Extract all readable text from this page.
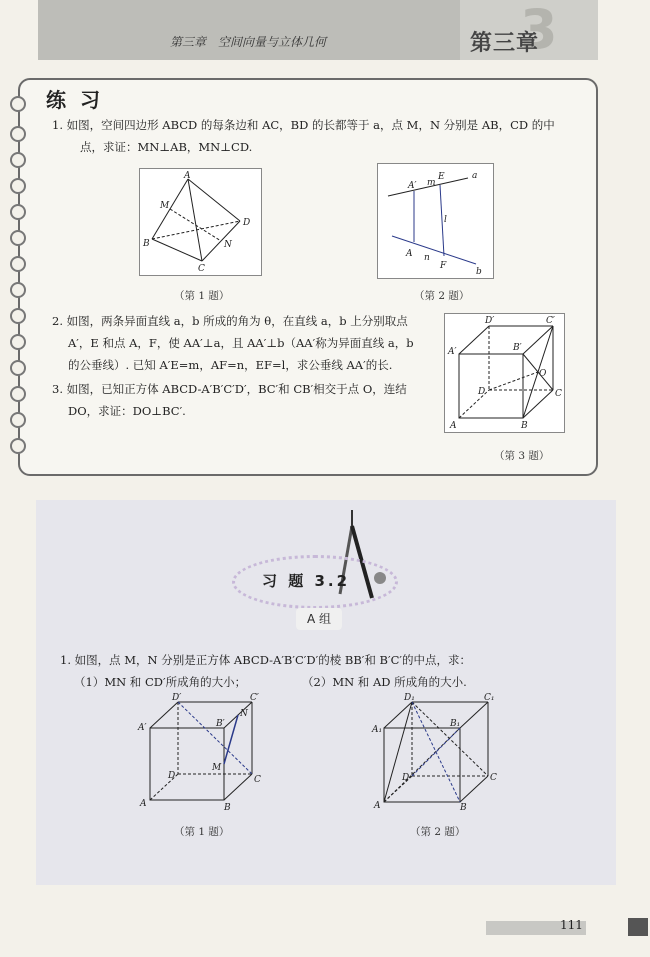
3
第三章　空间向量与立体几何	第三章
练习
1. 如图，空间四边形 ABCD 的每条边和 AC，BD 的长都等于 a，点 M，N 分别是 AB，CD 的中
点，求证：MN⊥AB，MN⊥CD.
A
M
B
C
D
N
（第 1 题）
A′ m
E	a
l
A n
F
b
（第 2 题）
2. 如图，两条异面直线 a，b 所成的角为 θ，在直线 a，b 上分别取点
A′，E 和点 A，F，使 AA′⊥a，且 AA′⊥b（AA′称为异面直线 a，b
的公垂线）. 已知 A′E=m，AF=n，EF=l，求公垂线 AA′的长.
3. 如图，已知正方体 ABCD-A′B′C′D′，BC′和 CB′相交于点 O，连结
DO，求证：DO⊥BC′.
D′	C′
A′	B′
O
D	C
A	B
（第 3 题）
习 题 3.2
A 组
1. 如图，点 M，N 分别是正方体 ABCD-A′B′C′D′的棱 BB′和 B′C′的中点，求：
（1）MN 和 CD′所成角的大小；	（2）MN 和 AD 所成角的大小.
D′	C′
A′
N
B′
D
M
C
A	B
（第 1 题）
D₁	C₁
A₁
B₁
D	C
A	B
（第 2 题）
111
